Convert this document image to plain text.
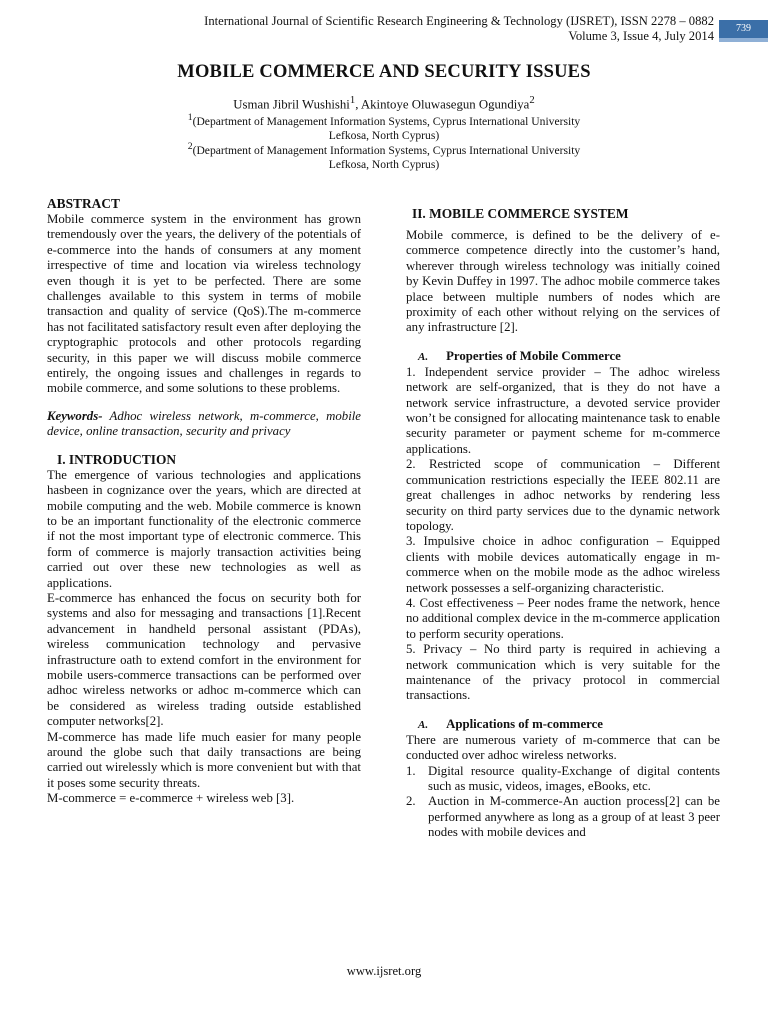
International Journal of Scientific Research Engineering & Technology (IJSRET), ISSN 2278 – 0882
Volume 3, Issue 4, July 2014
739
MOBILE COMMERCE AND SECURITY ISSUES
Usman Jibril Wushishi$^1$, Akintoye Oluwasegun Ogundiya$^2$
$^1$(Department of Management Information Systems, Cyprus International University
Lefkosa, North Cyprus)
$^2$(Department of Management Information Systems, Cyprus International University
Lefkosa, North Cyprus)
ABSTRACT

Mobile commerce system in the environment has grown tremendously over the years, the delivery of the potentials of e-commerce into the hands of consumers at any moment irrespective of time and location via wireless technology even though it is yet to be perfected. There are some challenges available to this system in terms of mobile transaction and quality of service (QoS).The m-commerce has not facilitated satisfactory result even after deploying the cryptographic protocols and other protocols regarding security, in this paper we will discuss mobile commerce entirely, the ongoing issues and challenges in regards to mobile commerce, and some solutions to these problems.

Keywords- Adhoc wireless network, m-commerce, mobile device, online transaction, security and privacy

I. INTRODUCTION

The emergence of various technologies and applications hasbeen in cognizance over the years, which are directed at mobile computing and the web. Mobile commerce is known to be an important functionality of the electronic commerce if not the most important type of electronic commerce. This form of commerce is majorly transaction activities being carried out over these new technologies as well as applications.

E-commerce has enhanced the focus on security both for systems and also for messaging and transactions [1].Recent advancement in handheld personal assistant (PDAs), wireless communication technology and pervasive infrastructure oath to extend comfort in the environment for mobile users-commerce transactions can be performed over adhoc wireless networks or adhoc m-commerce which can be considered as wireless trading outside established computer networks[2].

M-commerce has made life much easier for many people around the globe such that daily transactions are being carried out wirelessly which is more convenient but with that it poses some security threats.

M-commerce = e-commerce + wireless web [3].

II. MOBILE COMMERCE SYSTEM

Mobile commerce, is defined to be the delivery of e-commerce competence directly into the customer’s hand, wherever through wireless technology was initially coined by Kevin Duffey in 1997. The adhoc mobile commerce takes place between multiple numbers of nodes which are proximity of each other without relying on the services of any infrastructure [2].

A. Properties of Mobile Commerce

1. Independent service provider – The adhoc wireless network are self-organized, that is they do not have a network service infrastructure, a devoted service provider won’t be consigned for allocating maintenance task to enable security parameter or payment scheme for m-commerce applications.

2. Restricted scope of communication – Different communication restrictions especially the IEEE 802.11 are great challenges in adhoc networks by rendering less security on third party services due to the dynamic network topology.

3. Impulsive choice in adhoc configuration – Equipped clients with mobile devices automatically engage in m-commerce when on the mobile mode as the adhoc wireless network possesses a self-organizing characteristic.

4. Cost effectiveness – Peer nodes frame the network, hence no additional complex device in the m-commerce application to perform security operations.

5. Privacy – No third party is required in achieving a network communication which is very suitable for the maintenance of the privacy protocol in commercial transactions.

A. Applications of m-commerce

There are numerous variety of m-commerce that can be conducted over adhoc wireless networks.

1. Digital resource quality-Exchange of digital contents such as music, videos, images, eBooks, etc.
2. Auction in M-commerce-An auction process[2] can be performed anywhere as long as a group of at least 3 peer nodes with mobile devices and
www.ijsret.org
